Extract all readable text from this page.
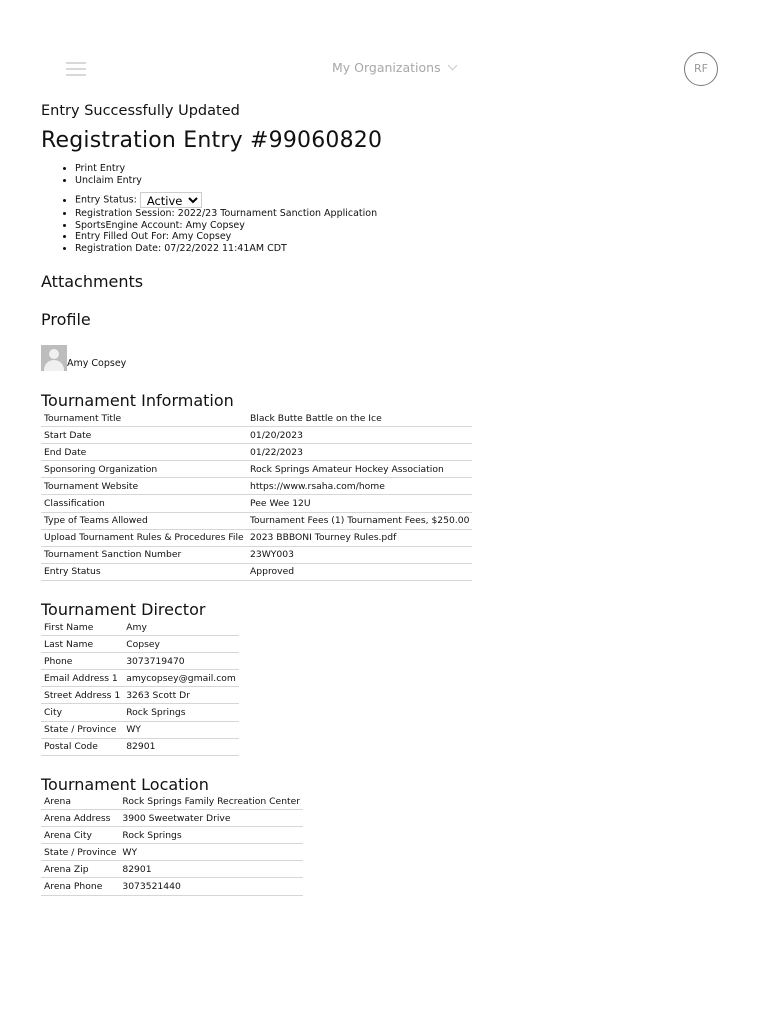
My Organizations	RF

Entry Successfully Updated

Registration Entry #99060820
• Print Entry
• Unclaim Entry
• Entry Status:
Active
• Registration Session: 2022/23 Tournament Sanction Application
• SportsEngine Account: Amy Copsey
• Entry Filled Out For: Amy Copsey
• Registration Date: 07/22/2022 11:41AM CDT
Attachments
Profile
Amy Copsey
Tournament Information
Tournament Title	Black Butte Battle on the Ice
Start Date	01/20/2023
End Date	01/22/2023
Sponsoring Organization	Rock Springs Amateur Hockey Association
Tournament Website	https://www.rsaha.com/home
Classification	Pee Wee 12U
Type of Teams Allowed	Tournament Fees (1) Tournament Fees, $250.00
Upload Tournament Rules & Procedures File	2023 BBBONI Tourney Rules.pdf
Tournament Sanction Number	23WY003
Entry Status	Approved
Tournament Director
First Name	Amy
Last Name	Copsey
Phone	3073719470
Email Address 1	amycopsey@gmail.com
Street Address 1	3263 Scott Dr
City	Rock Springs
State / Province	WY
Postal Code	82901
Tournament Location
Arena	Rock Springs Family Recreation Center
Arena Address	3900 Sweetwater Drive
Arena City	Rock Springs
State / Province	WY
Arena Zip	82901
Arena Phone	3073521440
